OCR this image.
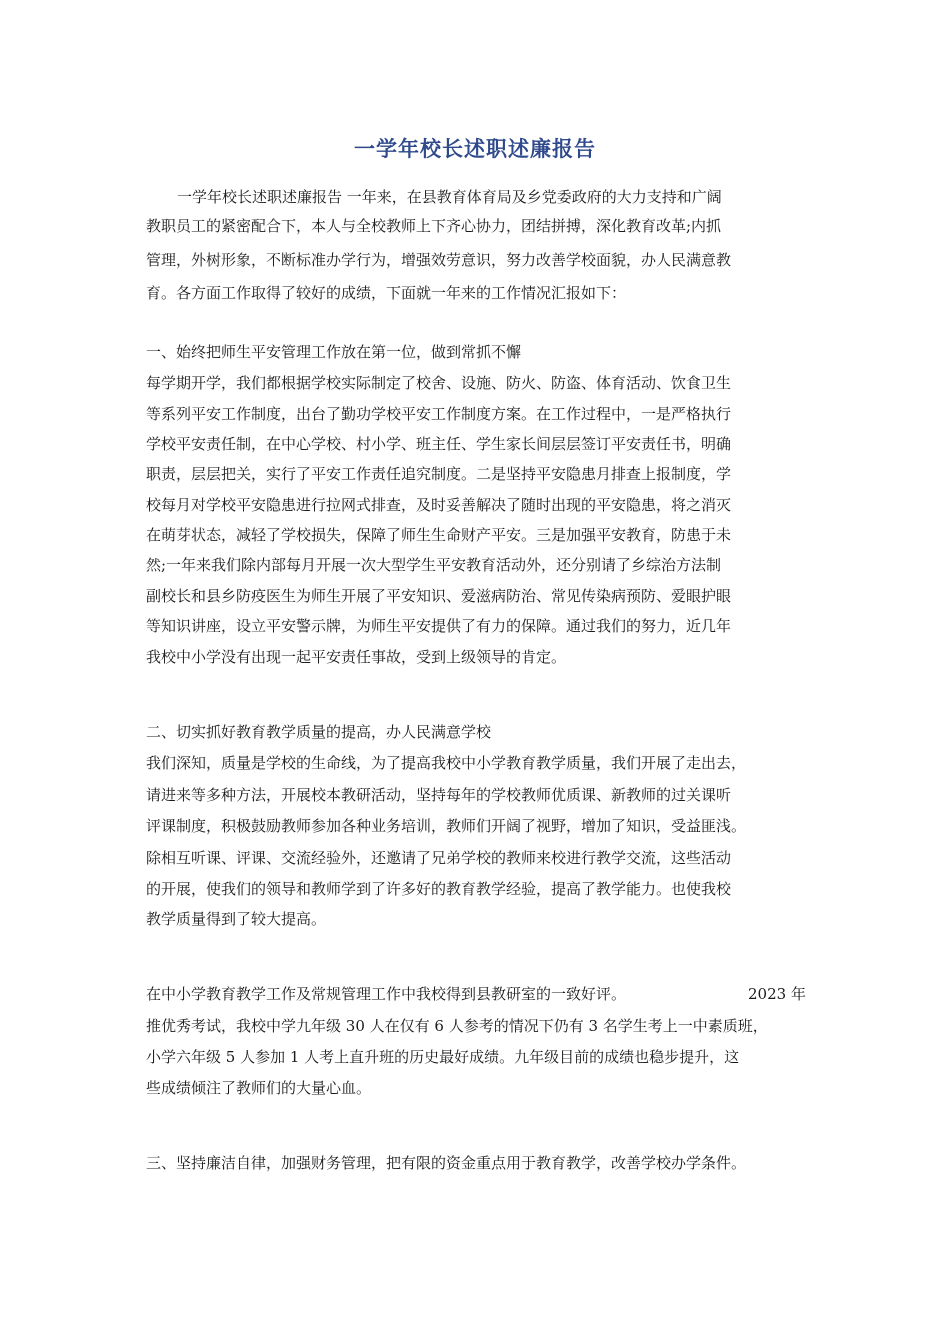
一学年校长述职述廉报告
一学年校长述职述廉报告 一年来，在县教育体育局及乡党委政府的大力支持和广阔
教职员工的紧密配合下，本人与全校教师上下齐心协力，团结拼搏，深化教育改革;内抓
管理，外树形象，不断标准办学行为，增强效劳意识，努力改善学校面貌，办人民满意教
育。各方面工作取得了较好的成绩，下面就一年来的工作情况汇报如下：
一、始终把师生平安管理工作放在第一位，做到常抓不懈
每学期开学，我们都根据学校实际制定了校舍、设施、防火、防盗、体育活动、饮食卫生
等系列平安工作制度，出台了勤功学校平安工作制度方案。在工作过程中，一是严格执行
学校平安责任制，在中心学校、村小学、班主任、学生家长间层层签订平安责任书，明确
职责，层层把关，实行了平安工作责任追究制度。二是坚持平安隐患月排查上报制度，学
校每月对学校平安隐患进行拉网式排查，及时妥善解决了随时出现的平安隐患，将之消灭
在萌芽状态，减轻了学校损失，保障了师生生命财产平安。三是加强平安教育，防患于未
然;一年来我们除内部每月开展一次大型学生平安教育活动外，还分别请了乡综治方法制
副校长和县乡防疫医生为师生开展了平安知识、爱滋病防治、常见传染病预防、爱眼护眼
等知识讲座，设立平安警示牌，为师生平安提供了有力的保障。通过我们的努力，近几年
我校中小学没有出现一起平安责任事故，受到上级领导的肯定。
二、切实抓好教育教学质量的提高，办人民满意学校
我们深知，质量是学校的生命线，为了提高我校中小学教育教学质量，我们开展了走出去，
请进来等多种方法，开展校本教研活动，坚持每年的学校教师优质课、新教师的过关课听
评课制度，积极鼓励教师参加各种业务培训，教师们开阔了视野，增加了知识，受益匪浅。
除相互听课、评课、交流经验外，还邀请了兄弟学校的教师来校进行教学交流，这些活动
的开展，使我们的领导和教师学到了许多好的教育教学经验，提高了教学能力。也使我校
教学质量得到了较大提高。
在中小学教育教学工作及常规管理工作中我校得到县教研室的一致好评。	2023 年
推优秀考试，我校中学九年级 30 人在仅有 6 人参考的情况下仍有 3 名学生考上一中素质班，
小学六年级 5 人参加 1 人考上直升班的历史最好成绩。九年级目前的成绩也稳步提升，这
些成绩倾注了教师们的大量心血。
三、坚持廉洁自律，加强财务管理，把有限的资金重点用于教育教学，改善学校办学条件。
